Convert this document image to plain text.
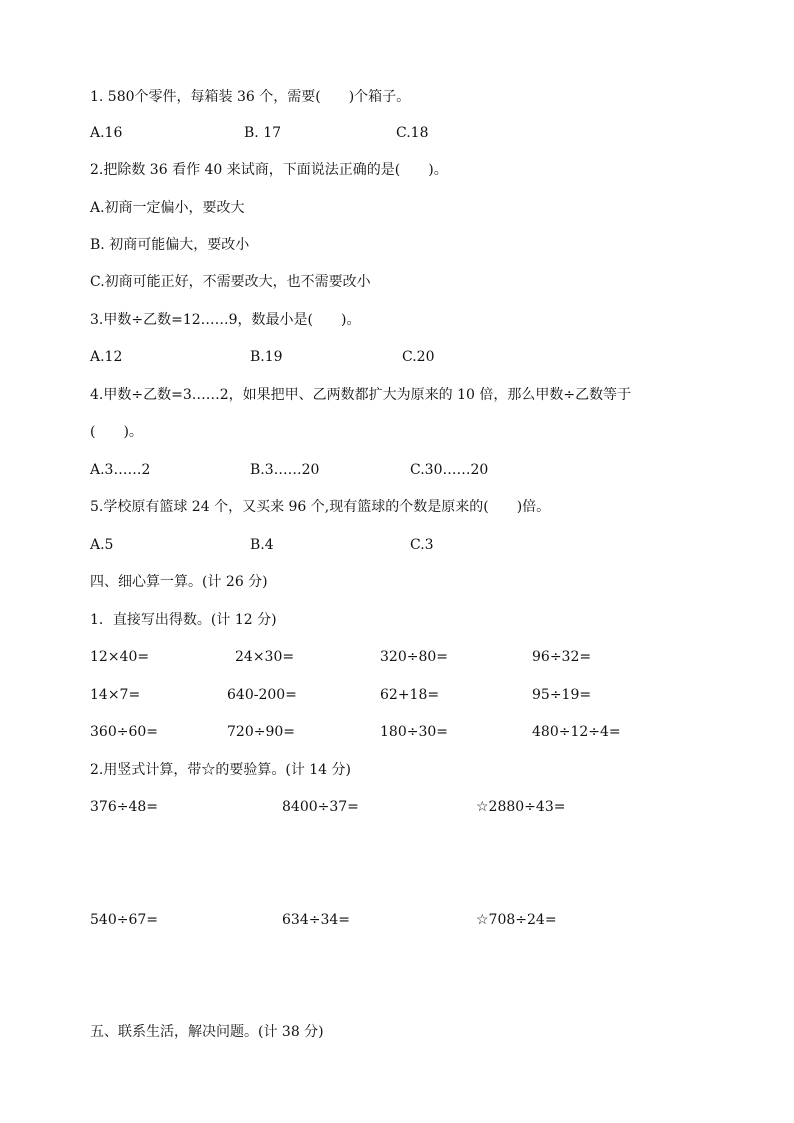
1. 580个零件，每箱装 36 个，需要(　　)个箱子。
A.16	B. 17	C.18
2.把除数 36 看作 40 来试商，下面说法正确的是(　　)。
A.初商一定偏小，要改大
B. 初商可能偏大，要改小
C.初商可能正好，不需要改大，也不需要改小
3.甲数÷乙数=12……9，数最小是(　　)。
A.12	B.19	C.20
4.甲数÷乙数=3……2，如果把甲、乙两数都扩大为原来的 10 倍，那么甲数÷乙数等于
(　　)。
A.3……2	B.3……20	C.30……20
5.学校原有篮球 24 个，又买来 96 个,现有篮球的个数是原来的(　　)倍。
A.5	B.4	C.3
四、细心算一算。(计 26 分)
1．直接写出得数。(计 12 分)
12×40=	24×30=	320÷80=	96÷32=
14×7=	640-200=	62+18=	95÷19=
360÷60=	720÷90=	180÷30=	480÷12÷4=
2.用竖式计算，带☆的要验算。(计 14 分)
376÷48=	8400÷37=	☆2880÷43=
540÷67=	634÷34=	☆708÷24=
五、联系生活，解决问题。(计 38 分)
